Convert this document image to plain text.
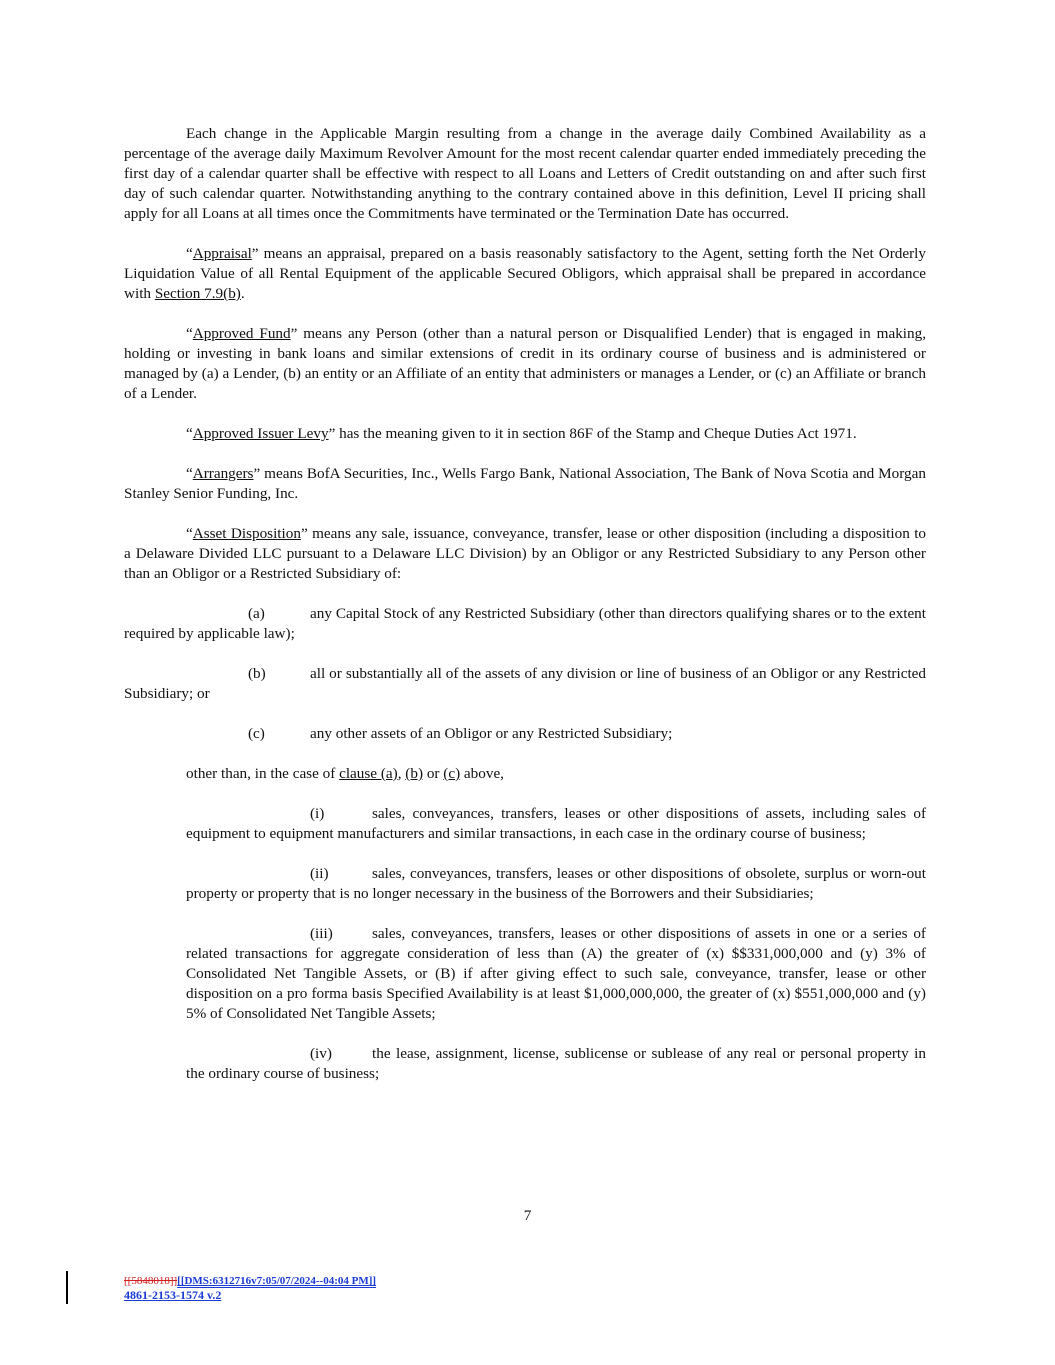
Each change in the Applicable Margin resulting from a change in the average daily Combined Availability as a percentage of the average daily Maximum Revolver Amount for the most recent calendar quarter ended immediately preceding the first day of a calendar quarter shall be effective with respect to all Loans and Letters of Credit outstanding on and after such first day of such calendar quarter. Notwithstanding anything to the contrary contained above in this definition, Level II pricing shall apply for all Loans at all times once the Commitments have terminated or the Termination Date has occurred.

“Appraisal” means an appraisal, prepared on a basis reasonably satisfactory to the Agent, setting forth the Net Orderly Liquidation Value of all Rental Equipment of the applicable Secured Obligors, which appraisal shall be prepared in accordance with Section 7.9(b).

“Approved Fund” means any Person (other than a natural person or Disqualified Lender) that is engaged in making, holding or investing in bank loans and similar extensions of credit in its ordinary course of business and is administered or managed by (a) a Lender, (b) an entity or an Affiliate of an entity that administers or manages a Lender, or (c) an Affiliate or branch of a Lender.

“Approved Issuer Levy” has the meaning given to it in section 86F of the Stamp and Cheque Duties Act 1971.

“Arrangers” means BofA Securities, Inc., Wells Fargo Bank, National Association, The Bank of Nova Scotia and Morgan Stanley Senior Funding, Inc.

“Asset Disposition” means any sale, issuance, conveyance, transfer, lease or other disposition (including a disposition to a Delaware Divided LLC pursuant to a Delaware LLC Division) by an Obligor or any Restricted Subsidiary to any Person other than an Obligor or a Restricted Subsidiary of:

(a)	any Capital Stock of any Restricted Subsidiary (other than directors qualifying shares or to the extent required by applicable law);

(b)	all or substantially all of the assets of any division or line of business of an Obligor or any Restricted Subsidiary; or

(c)	any other assets of an Obligor or any Restricted Subsidiary;

other than, in the case of clause (a), (b) or (c) above,

(i)	sales, conveyances, transfers, leases or other dispositions of assets, including sales of equipment to equipment manufacturers and similar transactions, in each case in the ordinary course of business;

(ii)	sales, conveyances, transfers, leases or other dispositions of obsolete, surplus or worn-out property or property that is no longer necessary in the business of the Borrowers and their Subsidiaries;

(iii)	sales, conveyances, transfers, leases or other dispositions of assets in one or a series of related transactions for aggregate consideration of less than (A) the greater of (x) $$331,000,000 and (y) 3% of Consolidated Net Tangible Assets, or (B) if after giving effect to such sale, conveyance, transfer, lease or other disposition on a pro forma basis Specified Availability is at least $1,000,000,000, the greater of (x) $551,000,000 and (y) 5% of Consolidated Net Tangible Assets;

(iv)	the lease, assignment, license, sublicense or sublease of any real or personal property in the ordinary course of business;

7
[[5848018]][[DMS:6312716v7:05/07/2024--04:04 PM]]
4861-2153-1574 v.2
